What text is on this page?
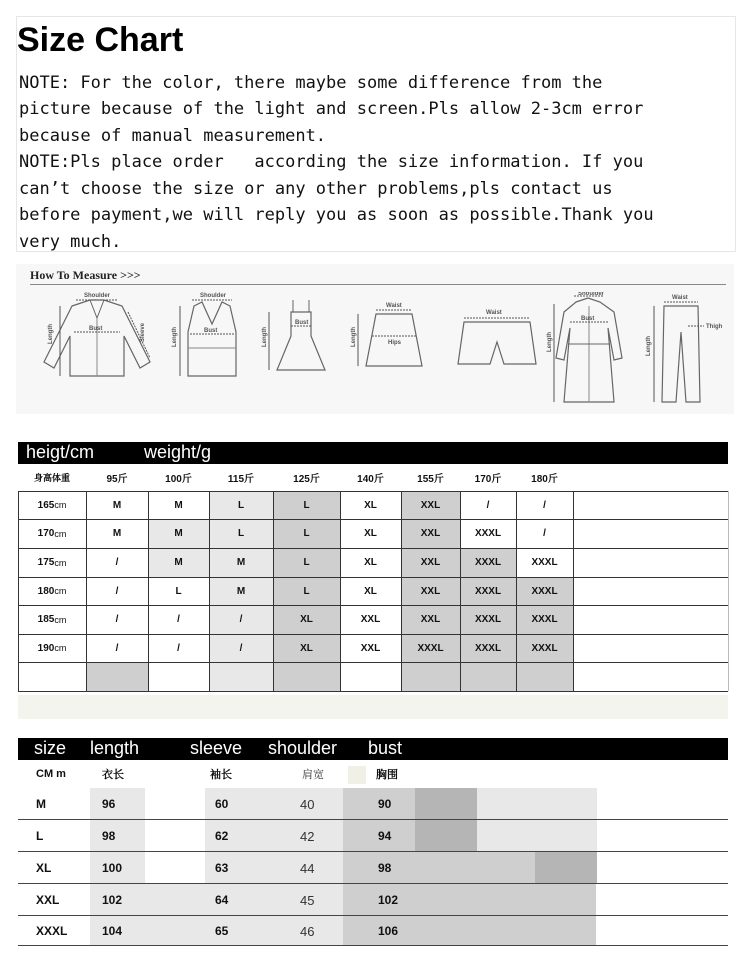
Size Chart
NOTE: For the color, there maybe some difference from the
picture because of the light and screen.Pls allow 2-3cm error
because of manual measurement.
NOTE:Pls place order   according the size information. If you
can’t choose the size or any other problems,pls contact us
before payment,we will reply you as soon as possible.Thank you
very much.
How To Measure >>>
Shoulder
Bust
Length	Sleeve
Shoulder
Bust
Length
Bust
Length
Waist
Hips
Length
Waist
Shoulder
Bust
Length
Waist
Thigh
Length
heigt/cm	weight/g
身高体重	95斤	100斤	115斤	125斤	140斤	155斤	170斤	180斤
165 cm	M	M	L	L	XL	XXL	/	/
170 cm	M	M	L	L	XL	XXL	XXXL	/
175 cm	/	M	M	L	XL	XXL	XXXL	XXXL
180 cm	/	L	M	L	XL	XXL	XXXL	XXXL
185 cm	/	/	/	XL	XXL	XXL	XXXL	XXXL
190 cm	/	/	/	XL	XXL	XXXL	XXXL	XXXL
size length	sleeve shoulder bust
CM m	衣长	袖长	肩宽	胸围
M	96	60	40	90
L	98	62	42	94
XL	100	63	44	98
XXL	102	64	45	102
XXXL	104	65	46	106
